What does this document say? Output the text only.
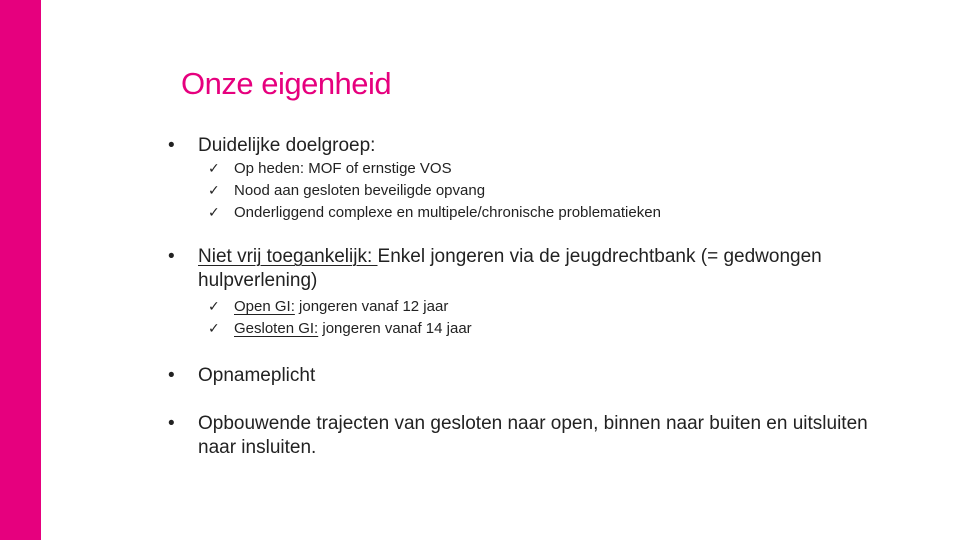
Onze eigenheid
•	Duidelijke doelgroep:
✓ Op heden: MOF of ernstige VOS
✓ Nood aan gesloten beveiligde opvang
✓ Onderliggend complexe en multipele/chronische problematieken
•	Niet vrij toegankelijk: Enkel jongeren via de jeugdrechtbank (= gedwongen hulpverlening)
✓ Open GI: jongeren vanaf 12 jaar
✓ Gesloten GI: jongeren vanaf 14 jaar
•	Opnameplicht
•	Opbouwende trajecten van gesloten naar open, binnen naar buiten en uitsluiten naar insluiten.
